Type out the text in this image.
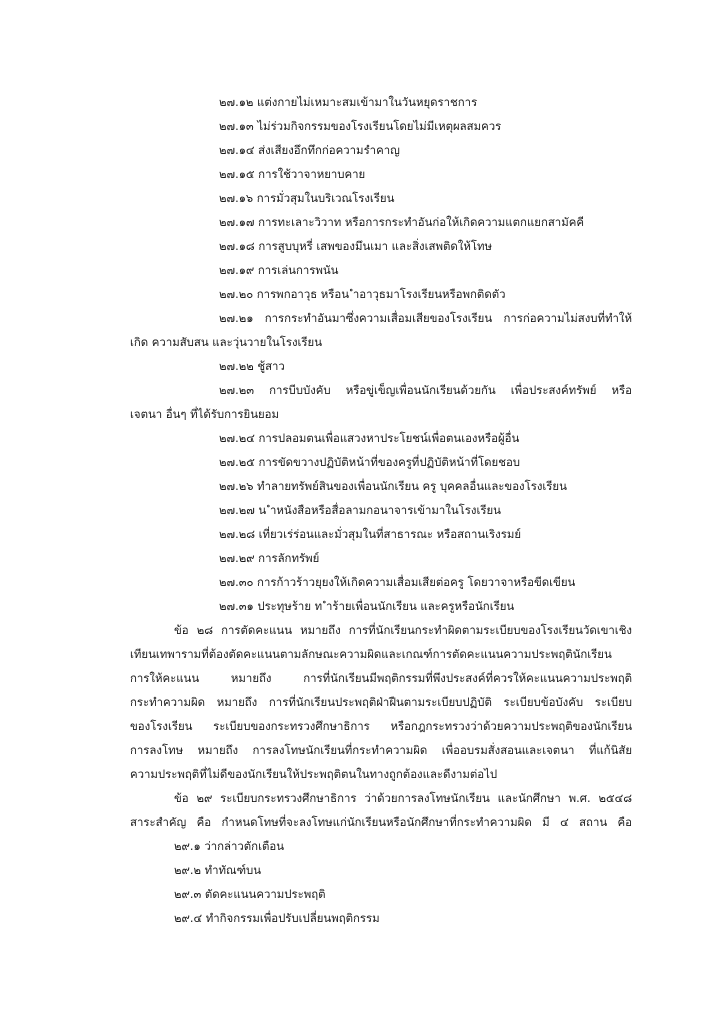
๒๗.๑๒ แต่งกายไม่เหมาะสมเข้ามาในวันหยุดราชการ
๒๗.๑๓ ไม่ร่วมกิจกรรมของโรงเรียนโดยไม่มีเหตุผลสมควร
๒๗.๑๔ ส่งเสียงอึกทึกก่อความรำคาญ
๒๗.๑๕ การใช้วาจาหยาบคาย
๒๗.๑๖ การมั่วสุมในบริเวณโรงเรียน
๒๗.๑๗ การทะเลาะวิวาท หรือการกระทำอันก่อให้เกิดความแตกแยกสามัคคี
๒๗.๑๘ การสูบบุหรี่ เสพของมึนเมา และสิ่งเสพติดให้โทษ
๒๗.๑๙ การเล่นการพนัน
๒๗.๒๐ การพกอาวุธ หรือน ำอาวุธมาโรงเรียนหรือพกติดตัว
๒๗.๒๑ การกระทำอันมาซึ่งความเสื่อมเสียของโรงเรียน การก่อความไม่สงบที่ทำให้
เกิด ความสับสน และวุ่นวายในโรงเรียน
๒๗.๒๒ ชู้สาว
๒๗.๒๓ การบีบบังคับ หรือขู่เข็ญเพื่อนนักเรียนด้วยกัน เพื่อประสงค์ทรัพย์ หรือ
เจตนา อื่นๆ ที่ได้รับการยินยอม
๒๗.๒๔ การปลอมตนเพื่อแสวงหาประโยชน์เพื่อตนเองหรือผู้อื่น
๒๗.๒๕ การขัดขวางปฏิบัติหน้าที่ของครูที่ปฏิบัติหน้าที่โดยชอบ
๒๗.๒๖ ทำลายทรัพย์สินของเพื่อนนักเรียน ครู บุคคลอื่นและของโรงเรียน
๒๗.๒๗ น ำหนังสือหรือสื่อลามกอนาจารเข้ามาในโรงเรียน
๒๗.๒๘ เที่ยวเร่ร่อนและมั่วสุมในที่สาธารณะ หรือสถานเริงรมย์
๒๗.๒๙ การลักทรัพย์
๒๗.๓๐ การก้าวร้าวยุยงให้เกิดความเสื่อมเสียต่อครู โดยวาจาหรือขีดเขียน
๒๗.๓๑ ประทุษร้าย ท ำร้ายเพื่อนนักเรียน และครูหรือนักเรียน
ข้อ ๒๘ การตัดคะแนน หมายถึง การที่นักเรียนกระทำผิดตามระเบียบของโรงเรียนวัดเขาเชิง
เทียนเทพารามที่ต้องตัดคะแนนตามลักษณะความผิดและเกณฑ์การตัดคะแนนความประพฤตินักเรียน
การให้คะแนน หมายถึง การที่นักเรียนมีพฤติกรรมที่พึงประสงค์ที่ควรให้คะแนนความประพฤติ
กระทำความผิด หมายถึง การที่นักเรียนประพฤติฝ่าฝืนตามระเบียบปฏิบัติ ระเบียบข้อบังคับ ระเบียบ
ของโรงเรียน ระเบียบของกระทรวงศึกษาธิการ หรือกฎกระทรวงว่าด้วยความประพฤติของนักเรียน
การลงโทษ หมายถึง การลงโทษนักเรียนที่กระทำความผิด เพื่ออบรมสั่งสอนและเจตนา ที่แก้นิสัย
ความประพฤติที่ไม่ดีของนักเรียนให้ประพฤติตนในทางถูกต้องและดีงามต่อไป
ข้อ ๒๙ ระเบียบกระทรวงศึกษาธิการ ว่าด้วยการลงโทษนักเรียน และนักศึกษา พ.ศ. ๒๕๔๘
สาระสำคัญ คือ กำหนดโทษที่จะลงโทษแก่นักเรียนหรือนักศึกษาที่กระทำความผิด มี ๔ สถาน คือ
๒๙.๑ ว่ากล่าวตักเตือน
๒๙.๒ ทำทัณฑ์บน
๒๙.๓ ตัดคะแนนความประพฤติ
๒๙.๔ ทำกิจกรรมเพื่อปรับเปลี่ยนพฤติกรรม
